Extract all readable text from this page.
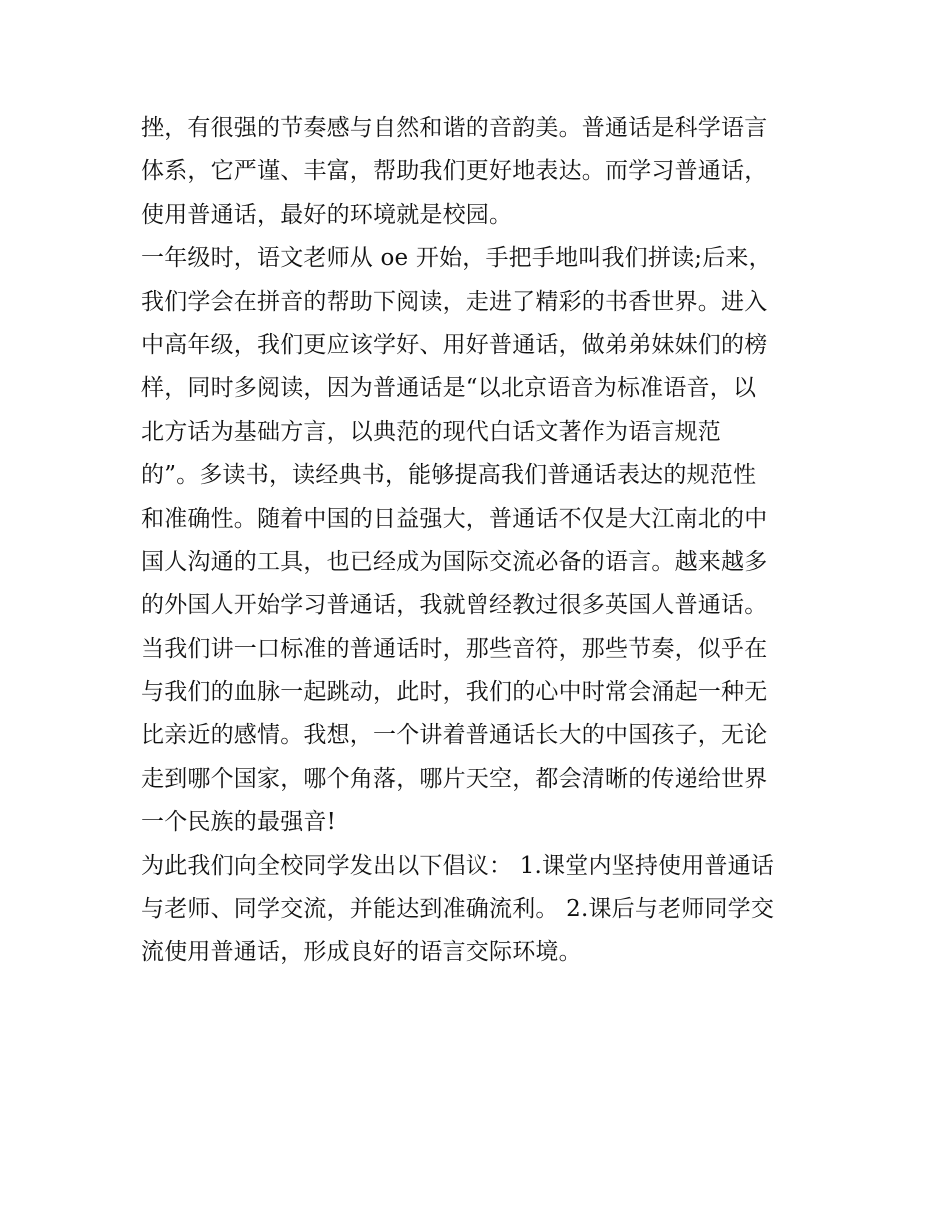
挫，有很强的节奏感与自然和谐的音韵美。普通话是科学语言
体系，它严谨、丰富，帮助我们更好地表达。而学习普通话，
使用普通话，最好的环境就是校园。
一年级时，语文老师从 oe 开始，手把手地叫我们拼读;后来，
我们学会在拼音的帮助下阅读，走进了精彩的书香世界。进入
中高年级，我们更应该学好、用好普通话，做弟弟妹妹们的榜
样，同时多阅读，因为普通话是“以北京语音为标准语音，以
北方话为基础方言，以典范的现代白话文著作为语言规范
的”。多读书，读经典书，能够提高我们普通话表达的规范性
和准确性。随着中国的日益强大，普通话不仅是大江南北的中
国人沟通的工具，也已经成为国际交流必备的语言。越来越多
的外国人开始学习普通话，我就曾经教过很多英国人普通话。
当我们讲一口标准的普通话时，那些音符，那些节奏，似乎在
与我们的血脉一起跳动，此时，我们的心中时常会涌起一种无
比亲近的感情。我想，一个讲着普通话长大的中国孩子，无论
走到哪个国家，哪个角落，哪片天空，都会清晰的传递给世界
一个民族的最强音!
为此我们向全校同学发出以下倡议： 1.课堂内坚持使用普通话
与老师、同学交流，并能达到准确流利。 2.课后与老师同学交
流使用普通话，形成良好的语言交际环境。
